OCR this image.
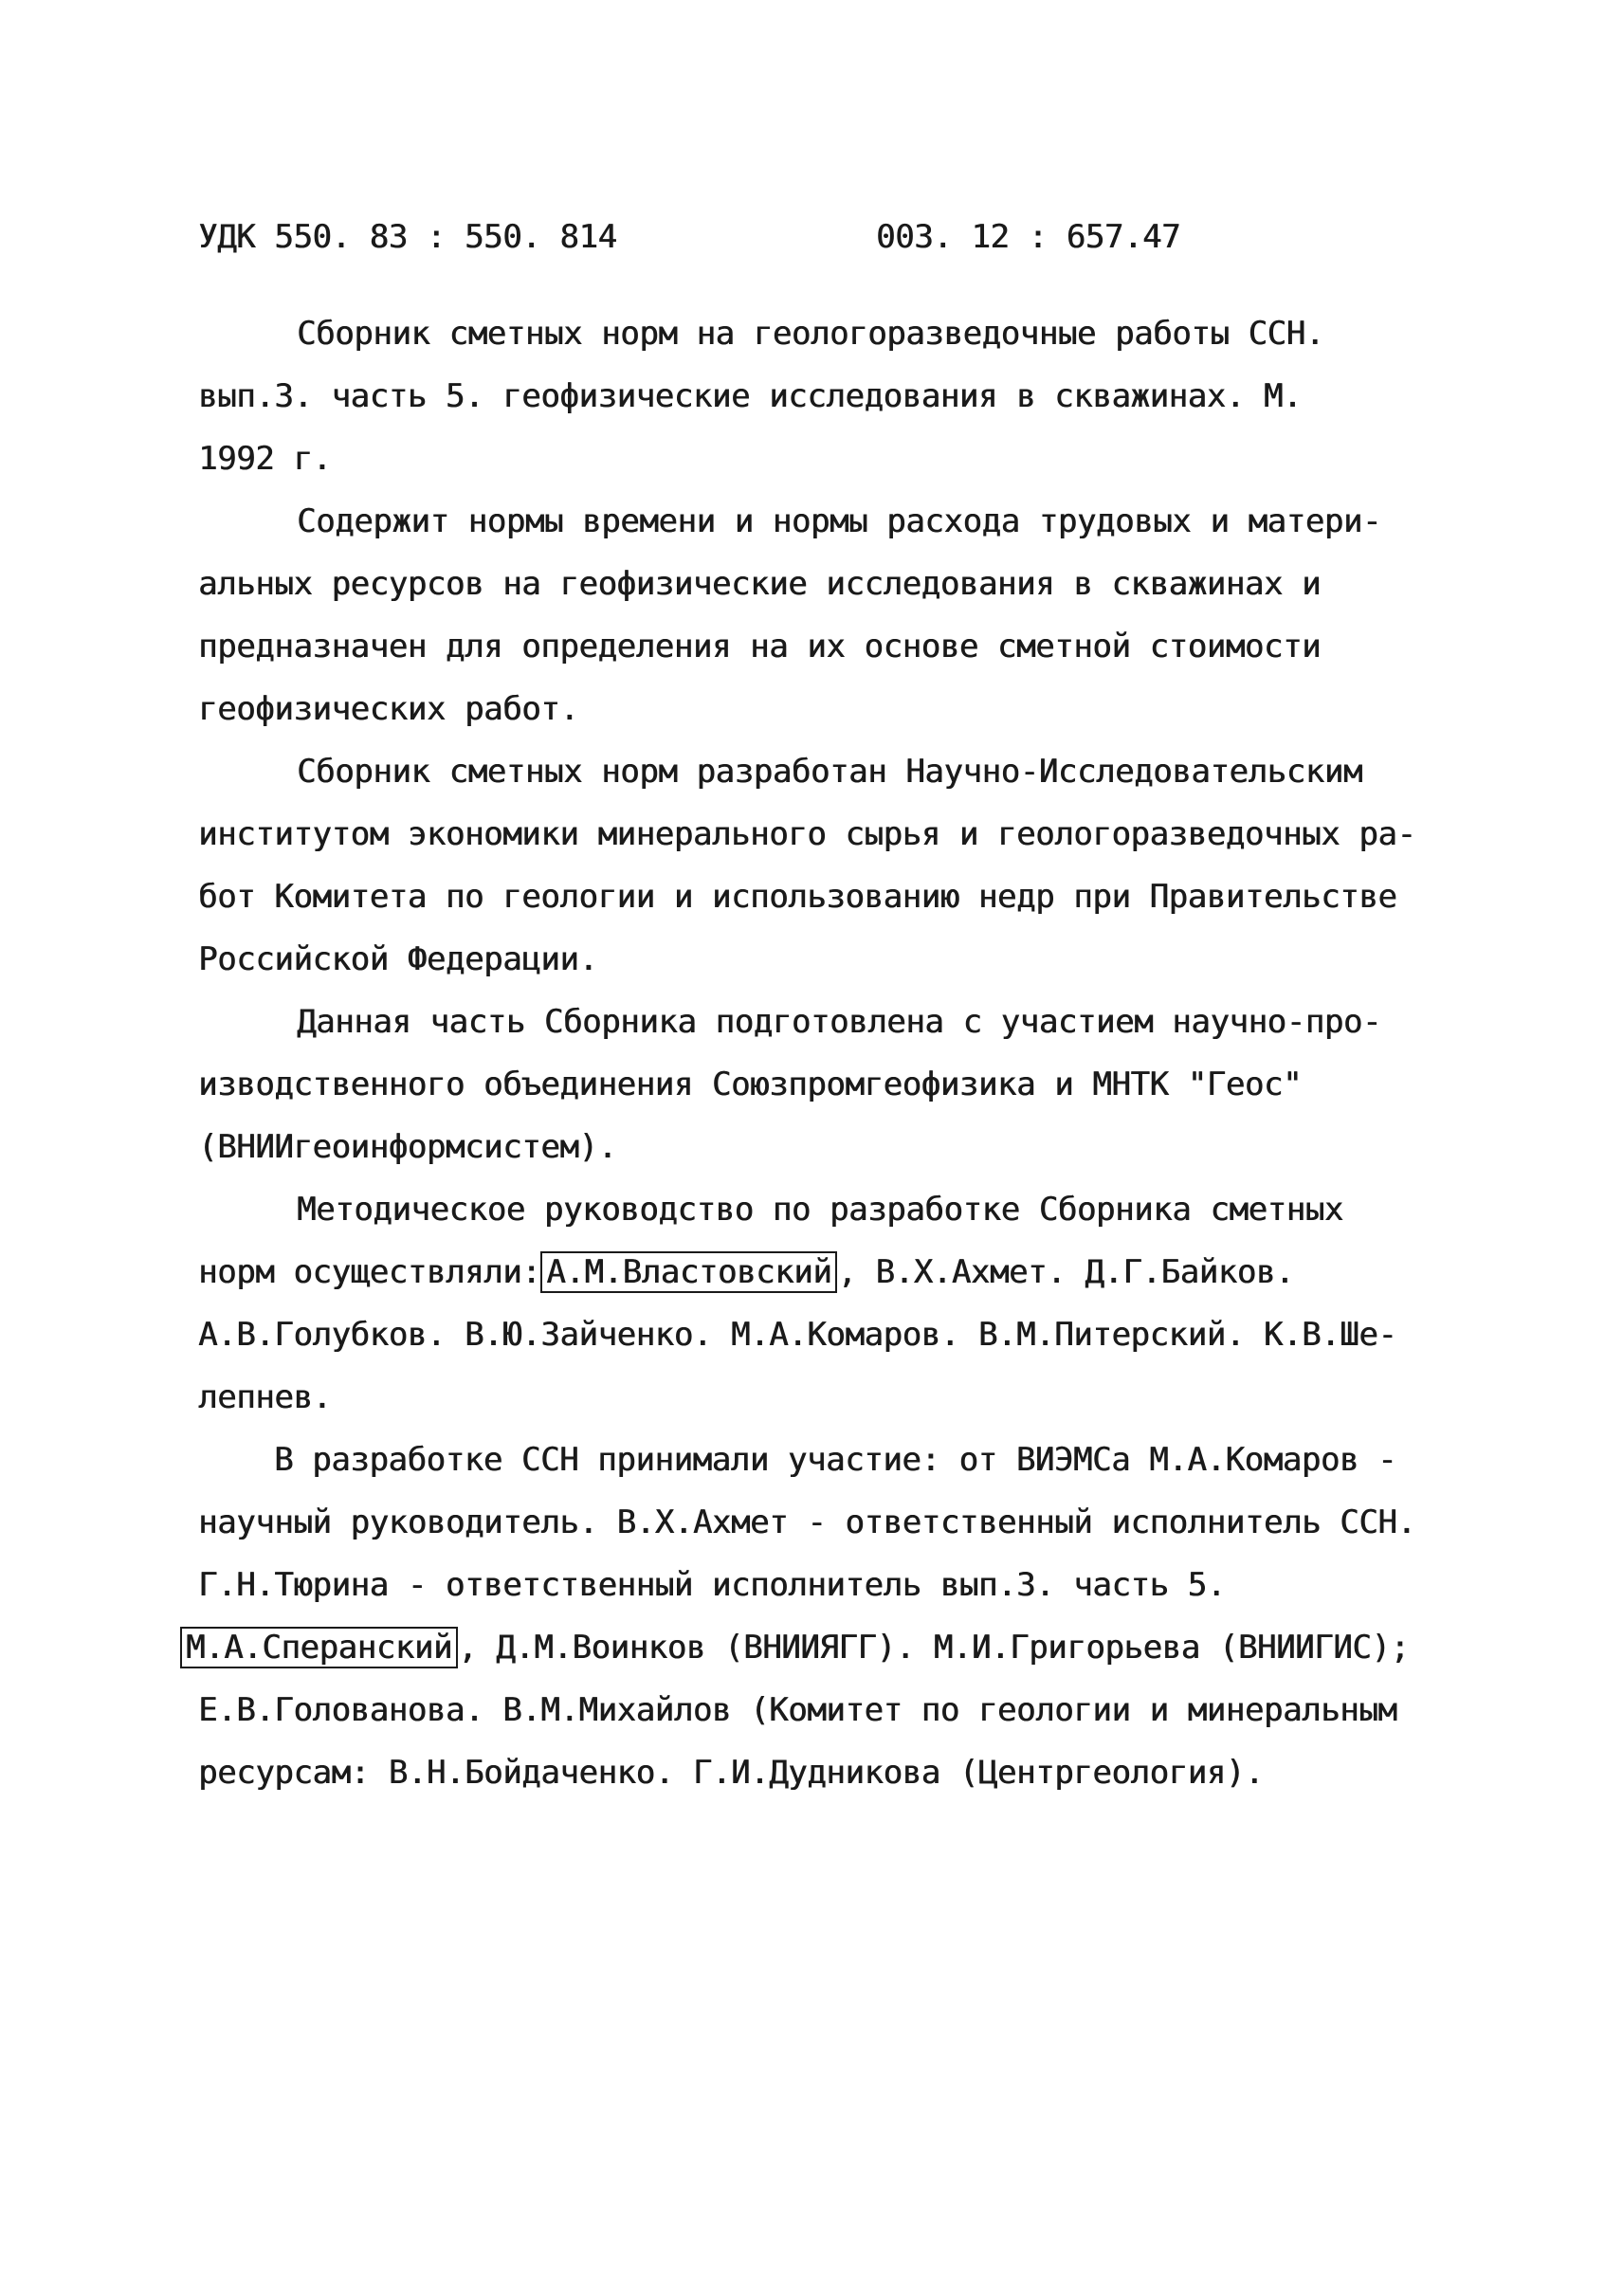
УДК 550. 83 : 550. 814	003. 12 : 657.47
Сборник сметных норм на геологоразведочные работы ССН.
вып.3. часть 5. геофизические исследования в скважинах. М.
1992 г.
Содержит нормы времени и нормы расхода трудовых и матери-
альных ресурсов на геофизические исследования в скважинах и
предназначен для определения на их основе сметной стоимости
геофизических работ.
Сборник сметных норм разработан Научно-Исследовательским
институтом экономики минерального сырья и геологоразведочных ра-
бот Комитета по геологии и использованию недр при Правительстве
Российской Федерации.
Данная часть Сборника подготовлена с участием научно-про-
изводственного объединения Союзпромгеофизика и МНТК "Геос"
(ВНИИгеоинформсистем).
Методическое руководство по разработке Сборника сметных
норм осуществляли: А.М.Властовский , В.Х.Ахмет. Д.Г.Байков.
А.В.Голубков. В.Ю.Зайченко. М.А.Комаров. В.М.Питерский. К.В.Ше-
лепнев.
В разработке ССН принимали участие: от ВИЭМСа М.А.Комаров -
научный руководитель. В.Х.Ахмет - ответственный исполнитель ССН.
Г.Н.Тюрина - ответственный исполнитель вып.3. часть 5.
М.А.Сперанский , Д.М.Воинков (ВНИИЯГГ). М.И.Григорьева (ВНИИГИС);
Е.В.Голованова. В.М.Михайлов (Комитет по геологии и минеральным
ресурсам: В.Н.Бойдаченко. Г.И.Дудникова (Центргеология).
